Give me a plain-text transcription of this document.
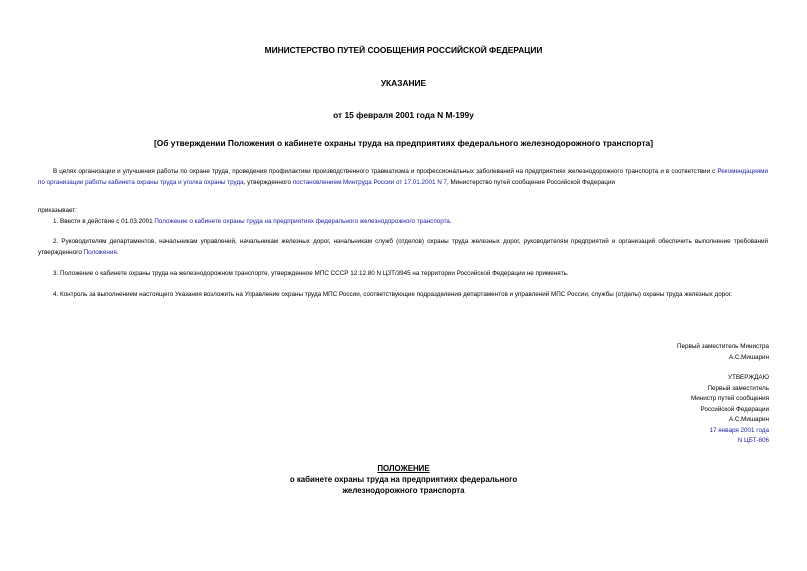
МИНИСТЕРСТВО ПУТЕЙ СООБЩЕНИЯ РОССИЙСКОЙ ФЕДЕРАЦИИ
УКАЗАНИЕ
от 15 февраля 2001 года N М-199у
[Об утверждении Положения о кабинете охраны труда на предприятиях федерального железнодорожного транспорта]
В целях организации и улучшения работы по охране труда, проведения профилактики производственного травматизма и профессиональных заболеваний на предприятиях железнодорожного транспорта и в соответствии с Рекомендациями по организации работы кабинета охраны труда и уголка охраны труда, утвержденного постановлением Минтруда России от 17.01.2001 N 7, Министерство путей сообщения Российской Федерации
приказывает:
1. Ввести в действие с 01.03.2001 Положение о кабинете охраны труда на предприятиях федерального железнодорожного транспорта.
2. Руководителям департаментов, начальникам управлений, начальникам железных дорог, начальникам служб (отделов) охраны труда железных дорог, руководителям предприятий и организаций обеспечить выполнение требований утвержденного Положения.
3. Положение о кабинете охраны труда на железнодорожном транспорте, утвержденное МПС СССР 12.12.80 N ЦЗТ/3945 на территории Российской Федерации не применять.
4. Контроль за выполнением настоящего Указания возложить на Управление охраны труда МПС России, соответствующие подразделения департаментов и управлений МПС России, службы (отделы) охраны труда железных дорог.
Первый заместитель Министра
А.С.Мишарин
УТВЕРЖДАЮ
Первый заместитель
Министр путей сообщения
Российской Федерации
А.С.Мишарин
17 января 2001 года
N ЦБТ-806
ПОЛОЖЕНИЕ
о кабинете охраны труда на предприятиях федерального
железнодорожного транспорта
